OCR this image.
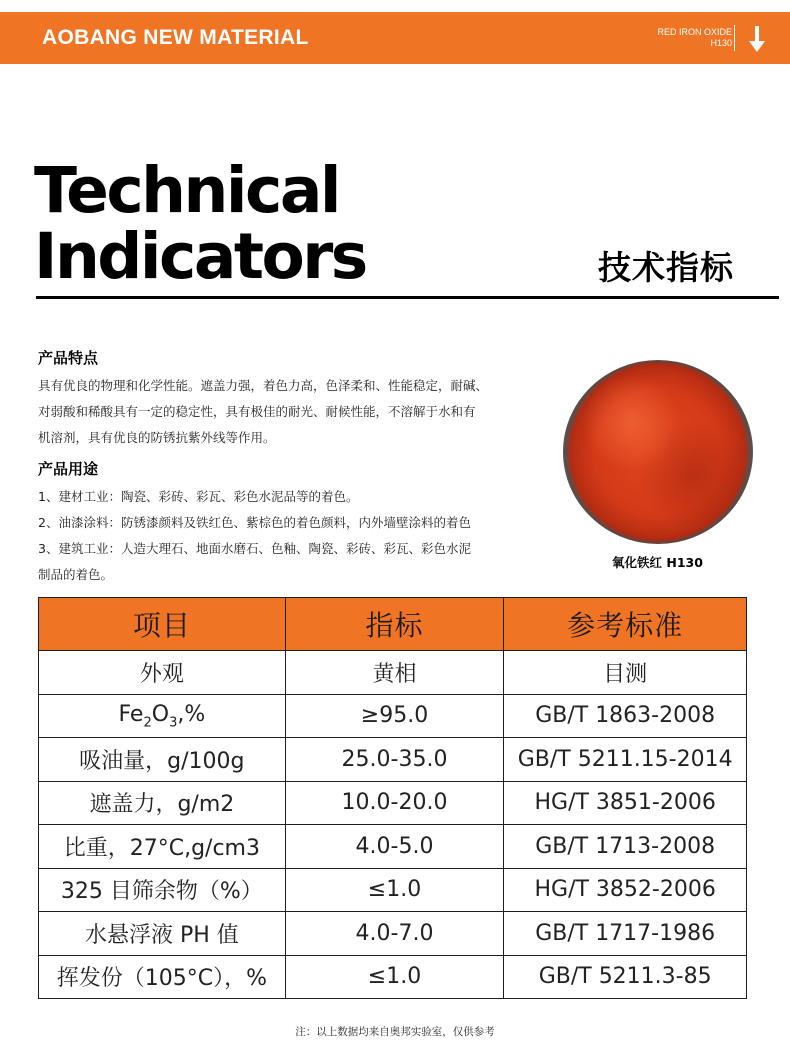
AOBANG NEW MATERIAL	RED IRON OXIDE
H130
Technical
Indicators	技术指标
产品特点
具有优良的物理和化学性能。遮盖力强，着色力高，色泽柔和、性能稳定，耐碱、
对弱酸和稀酸具有一定的稳定性，具有极佳的耐光、耐候性能，不溶解于水和有
机溶剂，具有优良的防锈抗紫外线等作用。
产品用途
1、建材工业：陶瓷、彩砖、彩瓦、彩色水泥品等的着色。
2、油漆涂料：防锈漆颜料及铁红色、紫棕色的着色颜料，内外墙壁涂料的着色
3、建筑工业：人造大理石、地面水磨石、色釉、陶瓷、彩砖、彩瓦、彩色水泥
制品的着色。
氧化铁红 H130
项目	指标	参考标准
外观	黄相	目测
$Fe_2O_3,\%$	≥95.0	GB/T 1863-2008
吸油量，g/100g	25.0-35.0	GB/T 5211.15-2014
遮盖力，g/m2	10.0-20.0	HG/T 3851-2006
比重，27°C,g/cm3	4.0-5.0	GB/T 1713-2008
325 目筛余物（%）	≤1.0	HG/T 3852-2006
水悬浮液 PH 值	4.0-7.0	GB/T 1717-1986
挥发份（105°C），%	≤1.0	GB/T 5211.3-85
注：以上数据均来自奥邦实验室，仅供参考
